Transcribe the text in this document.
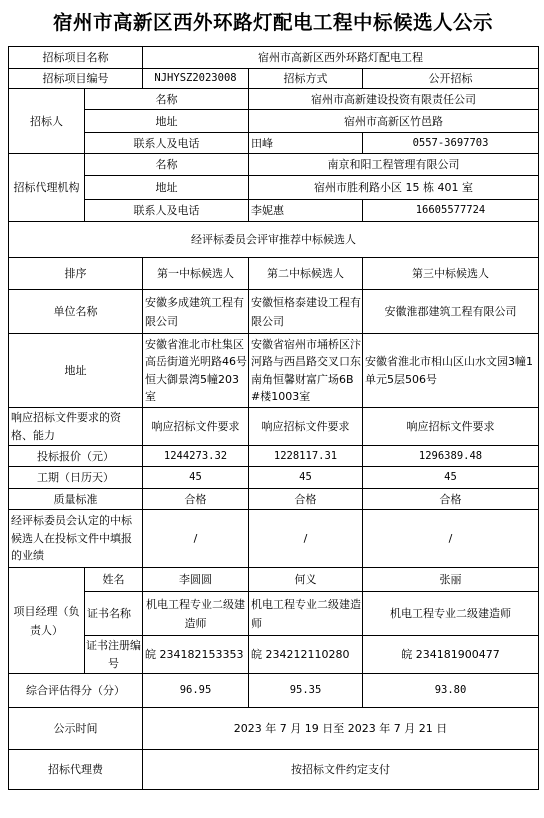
宿州市高新区西外环路灯配电工程中标候选人公示
招标项目名称		宿州市高新区西外环路灯配电工程		
招标项目编号		NJHYSZ2023008	招标方式	公开招标
招标人	名称		宿州市高新建设投资有限责任公司	
	地址		宿州市高新区竹邑路	
	联系人及电话		田峰	0557-3697703
招标代理机构	名称		南京和阳工程管理有限公司	
	地址		宿州市胜利路小区 15 栋 401 室	
	联系人及电话		李妮惠	16605577724
经评标委员会评审推荐中标候选人				
排序		第一中标候选人	第二中标候选人	第三中标候选人
单位名称		安徽多成建筑工程有限公司	安徽恒格泰建设工程有限公司	安徽淮郡建筑工程有限公司
地址		安徽省淮北市杜集区高岳街道光明路46号恒大御景湾5幢203室	安徽省宿州市埇桥区汴河路与西昌路交叉口东南角恒馨财富广场6B#楼1003室	安徽省淮北市相山区山水文园3幢1单元5层506号
响应招标文件要求的资格、能力		响应招标文件要求	响应招标文件要求	响应招标文件要求
投标报价（元）		1244273.32	1228117.31	1296389.48
工期（日历天）		45	45	45
质量标准		合格	合格	合格
经评标委员会认定的中标候选人在投标文件中填报的业绩		/	/	/
项目经理（负责人）	姓名	李圆圆	何义	张丽
	证书名称	机电工程专业二级建造师	机电工程专业二级建造师	机电工程专业二级建造师
	证书注册编号	皖 234182153353	皖 234212110280	皖 234181900477
综合评估得分（分）		96.95	95.35	93.80
公示时间		2023 年 7 月 19 日至 2023 年 7 月 21 日		
招标代理费		按招标文件约定支付		
